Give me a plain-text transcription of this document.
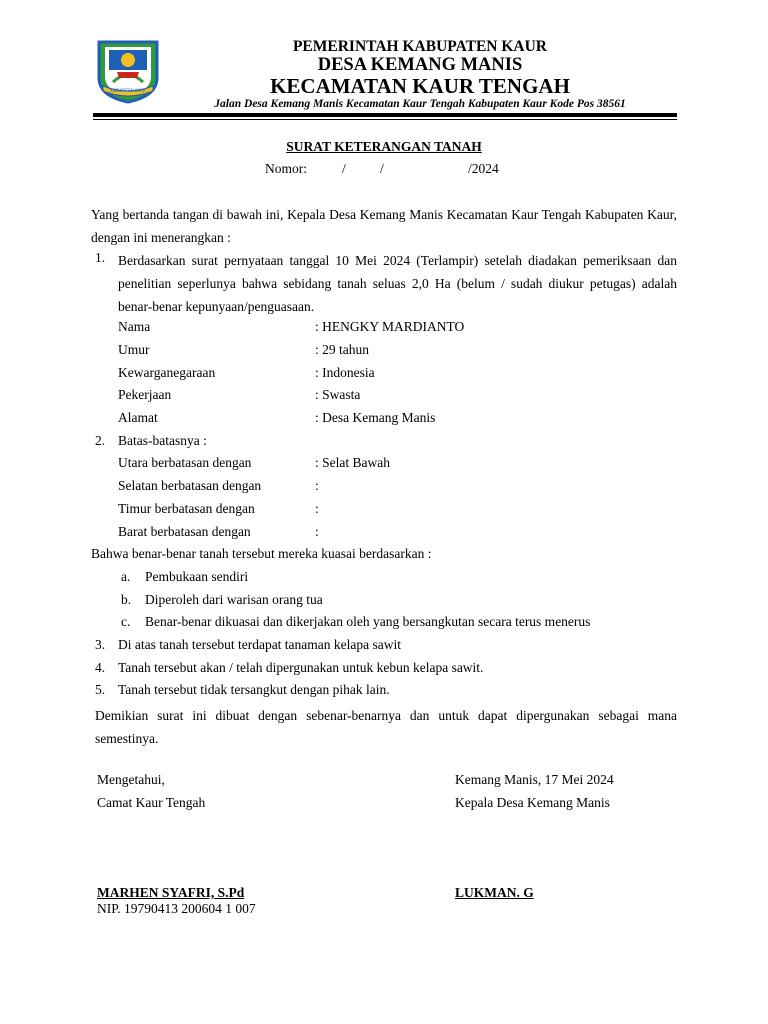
KABUPATEN KAUR
PEMERINTAH KABUPATEN KAUR
DESA KEMANG MANIS
KECAMATAN KAUR TENGAH
Jalan Desa Kemang Manis Kecamatan Kaur Tengah Kabupaten Kaur Kode Pos 38561
SURAT KETERANGAN TANAH
Nomor:	/	/	/2024
Yang bertanda tangan di bawah ini, Kepala Desa Kemang Manis Kecamatan Kaur Tengah Kabupaten Kaur, dengan ini menerangkan :
1. Berdasarkan surat pernyataan tanggal 10 Mei 2024 (Terlampir) setelah diadakan pemeriksaan dan penelitian seperlunya bahwa sebidang tanah seluas 2,0 Ha (belum / sudah diukur petugas) adalah benar-benar kepunyaan/penguasaan.
Nama	: HENGKY MARDIANTO
Umur	: 29 tahun
Kewarganegaraan	: Indonesia
Pekerjaan	: Swasta
Alamat	: Desa Kemang Manis
2. Batas-batasnya :
Utara berbatasan dengan	: Selat Bawah
Selatan berbatasan dengan	:
Timur berbatasan dengan	:
Barat berbatasan dengan	:
Bahwa benar-benar tanah tersebut mereka kuasai berdasarkan :
a. Pembukaan sendiri
b. Diperoleh dari warisan orang tua
c. Benar-benar dikuasai dan dikerjakan oleh yang bersangkutan secara terus menerus
3. Di atas tanah tersebut terdapat tanaman kelapa sawit
4. Tanah tersebut akan / telah dipergunakan untuk kebun kelapa sawit.
5. Tanah tersebut tidak tersangkut dengan pihak lain.
Demikian surat ini dibuat dengan sebenar-benarnya dan untuk dapat dipergunakan sebagai mana semestinya.
Mengetahui,
Camat Kaur Tengah
Kemang Manis, 17 Mei 2024
Kepala Desa Kemang Manis
MARHEN SYAFRI, S.Pd
NIP. 19790413 200604 1 007
LUKMAN. G
